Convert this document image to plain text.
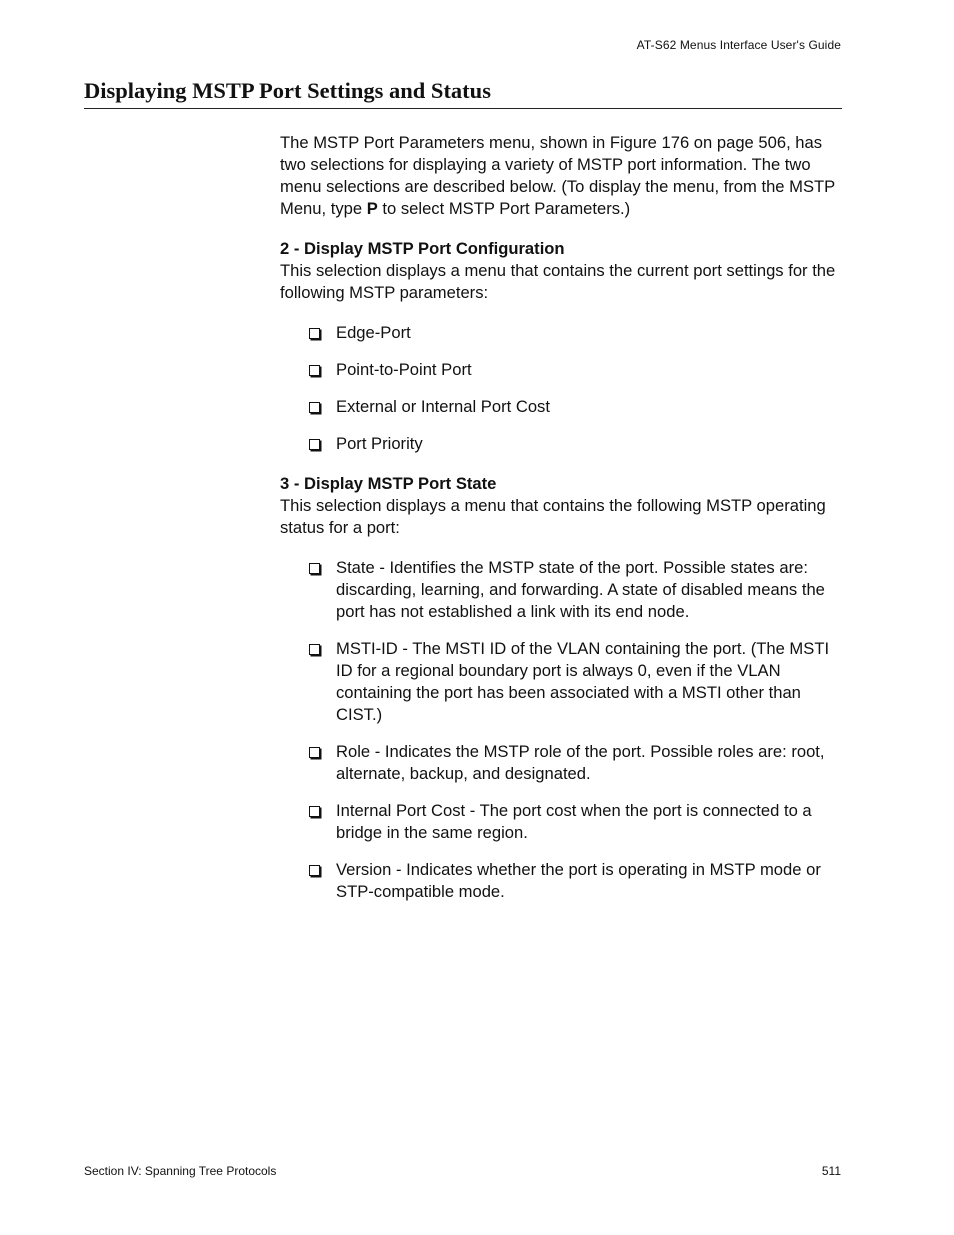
AT-S62 Menus Interface User's Guide
Displaying MSTP Port Settings and Status

The MSTP Port Parameters menu, shown in Figure 176 on page 506, has two selections for displaying a variety of MSTP port information. The two menu selections are described below. (To display the menu, from the MSTP Menu, type P to select MSTP Port Parameters.)

2 - Display MSTP Port Configuration

This selection displays a menu that contains the current port settings for the following MSTP parameters:

Edge-Port
Point-to-Point Port
External or Internal Port Cost
Port Priority

3 - Display MSTP Port State

This selection displays a menu that contains the following MSTP operating status for a port:

State - Identifies the MSTP state of the port. Possible states are: discarding, learning, and forwarding. A state of disabled means the port has not established a link with its end node.
MSTI-ID - The MSTI ID of the VLAN containing the port. (The MSTI ID for a regional boundary port is always 0, even if the VLAN containing the port has been associated with a MSTI other than CIST.)
Role - Indicates the MSTP role of the port. Possible roles are: root, alternate, backup, and designated.
Internal Port Cost - The port cost when the port is connected to a bridge in the same region.
Version - Indicates whether the port is operating in MSTP mode or STP-compatible mode.
Section IV: Spanning Tree Protocols	511
